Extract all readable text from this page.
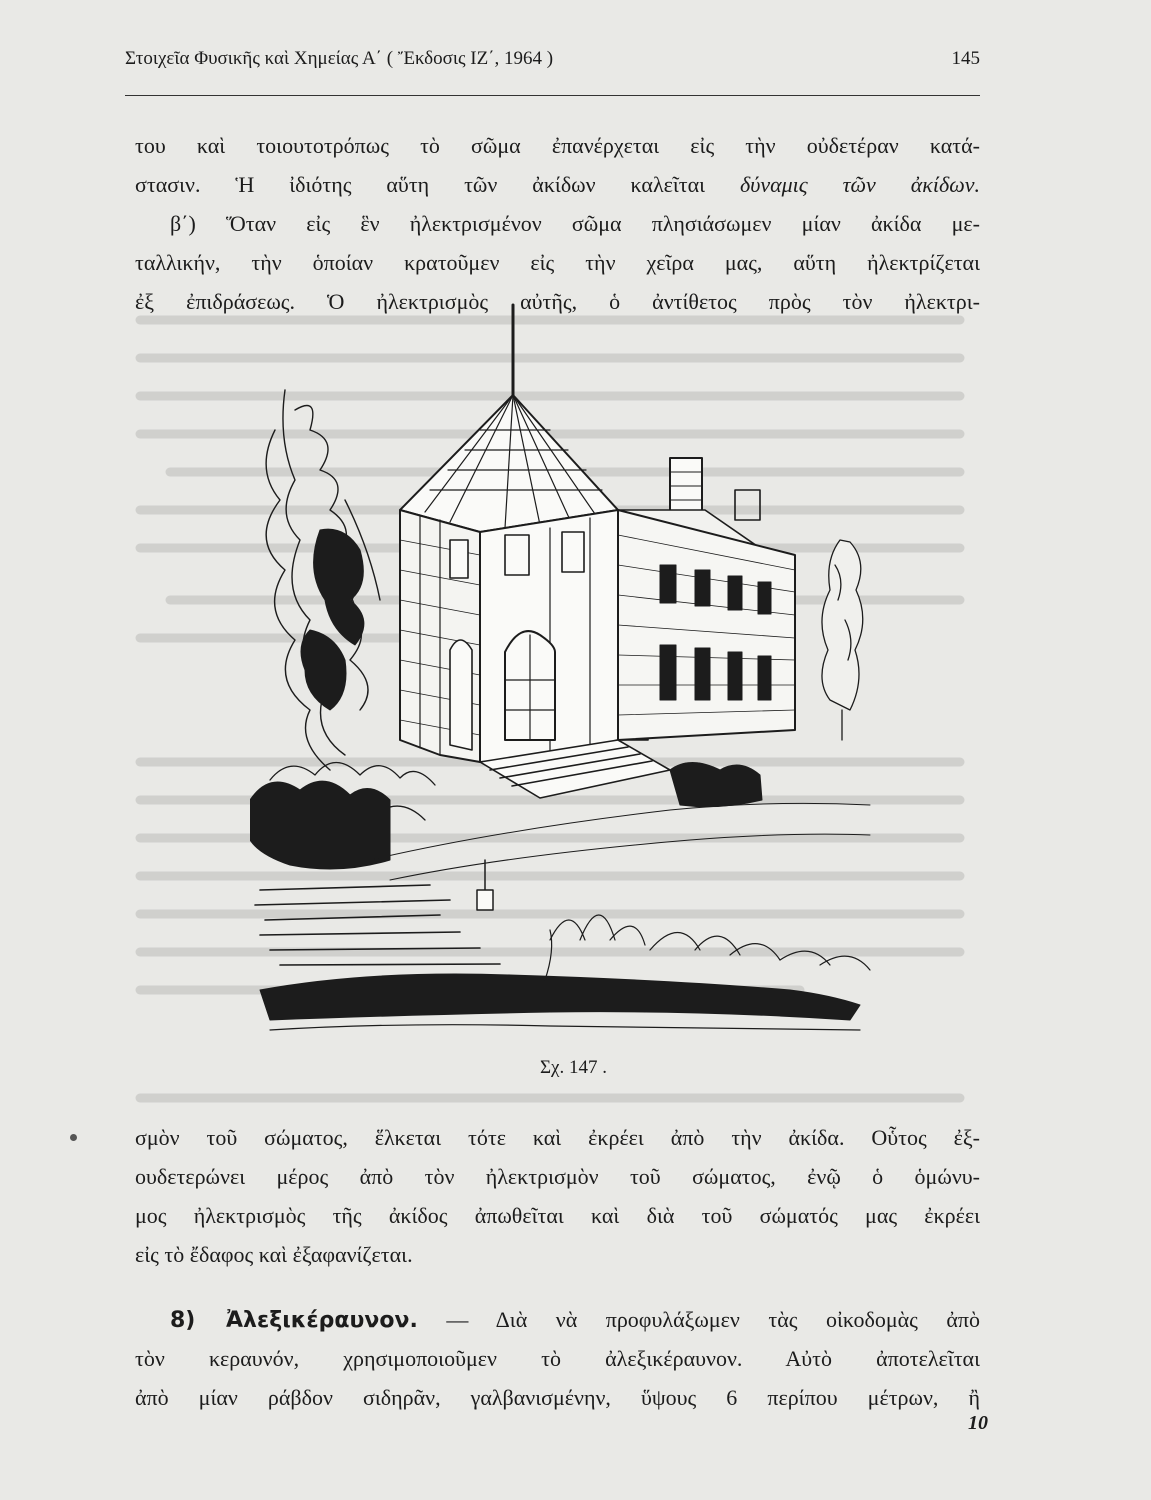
Στοιχεῖα Φυσικῆς καὶ Χημείας Α΄ ( Ἔκδοσις ΙΖ΄, 1964 )	145
του καὶ τοιουτοτρόπως τὸ σῶμα ἐπανέρχεται εἰς τὴν οὐδετέραν κατά-
στασιν. Ἡ ἰδιότης αὕτη τῶν ἀκίδων καλεῖται δύναμις τῶν ἀκίδων.
β΄) Ὅταν εἰς ἓν ἠλεκτρισμένον σῶμα πλησιάσωμεν μίαν ἀκίδα με-
ταλλικήν, τὴν ὁποίαν κρατοῦμεν εἰς τὴν χεῖρα μας, αὕτη ἠλεκτρίζεται
ἐξ ἐπιδράσεως. Ὁ ἠλεκτρισμὸς αὐτῆς, ὁ ἀντίθετος πρὸς τὸν ἠλεκτρι-
Σχ. 147 .
σμὸν τοῦ σώματος, ἕλκεται τότε καὶ ἐκρέει ἀπὸ τὴν ἀκίδα. Οὗτος ἐξ-
ουδετερώνει μέρος ἀπὸ τὸν ἠλεκτρισμὸν τοῦ σώματος, ἐνῷ ὁ ὁμώνυ-
μος ἠλεκτρισμὸς τῆς ἀκίδος ἀπωθεῖται καὶ διὰ τοῦ σώματός μας ἐκρέει
εἰς τὸ ἔδαφος καὶ ἐξαφανίζεται.
8) Ἀλεξικέραυνον. — Διὰ νὰ προφυλάξωμεν τὰς οἰκοδομὰς ἀπὸ
τὸν κεραυνόν, χρησιμοποιοῦμεν τὸ ἀλεξικέραυνον. Αὐτὸ ἀποτελεῖται
ἀπὸ μίαν ράβδον σιδηρᾶν, γαλβανισμένην, ὕψους 6 περίπου μέτρων, ἢ
10
